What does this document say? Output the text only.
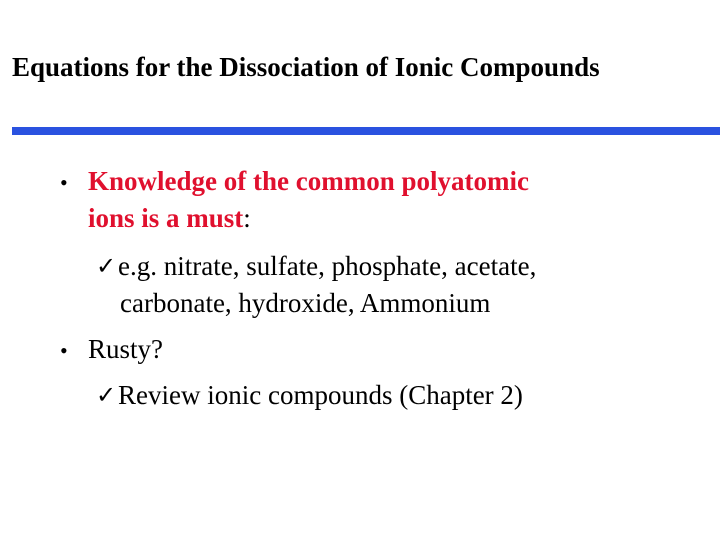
Equations for the Dissociation of Ionic Compounds
• Knowledge of the common polyatomic
ions is a must:
✓e.g. nitrate, sulfate, phosphate, acetate,
carbonate, hydroxide, Ammonium
• Rusty?
✓Review ionic compounds (Chapter 2)
